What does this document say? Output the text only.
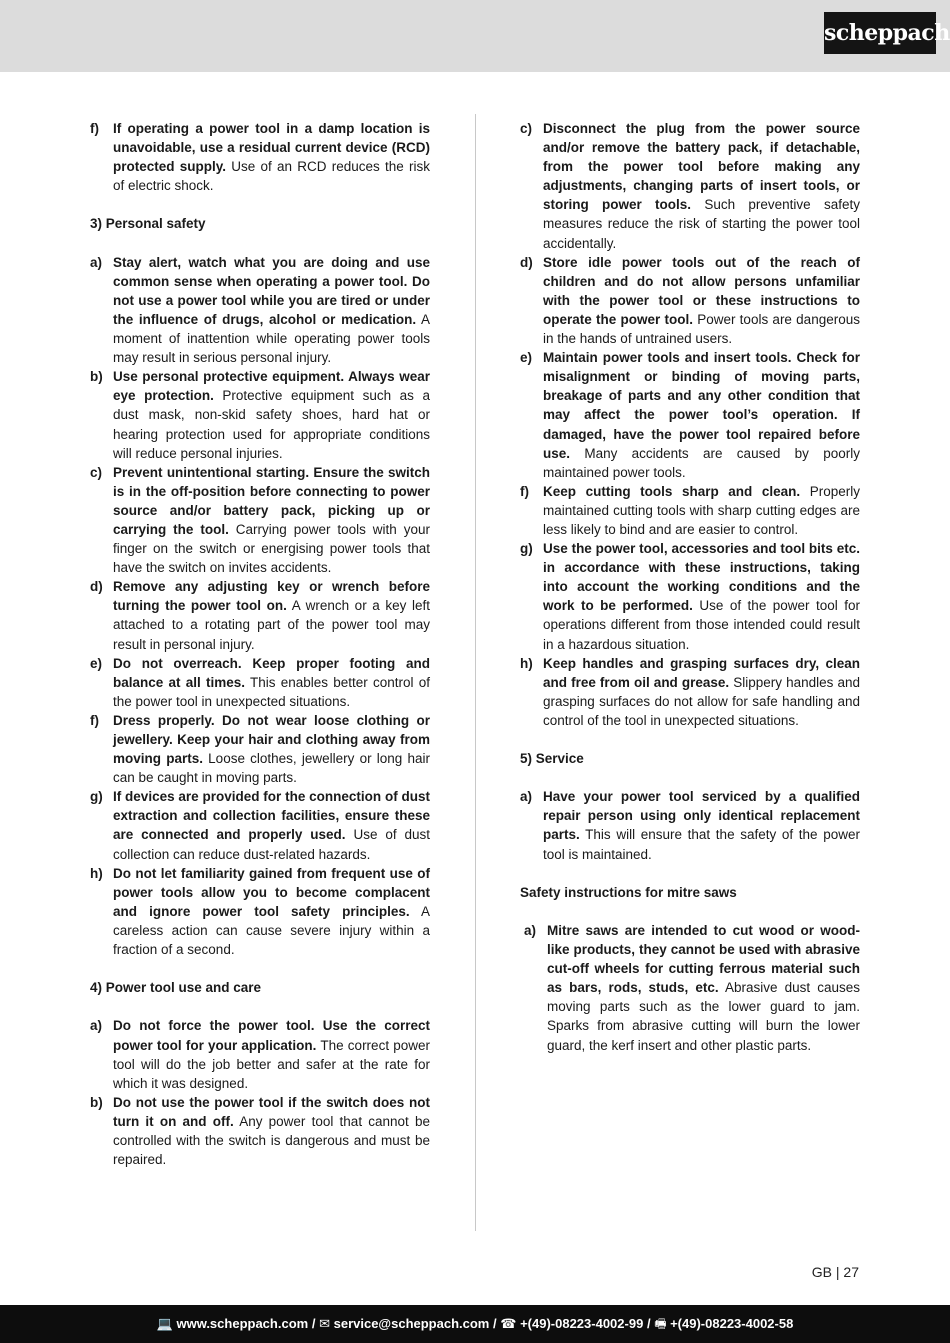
scheppach
f)	If operating a power tool in a damp location is unavoidable, use a residual current device (RCD) protected supply. Use of an RCD reduces the risk of electric shock.

3) Personal safety

a) Stay alert, watch what you are doing and use common sense when operating a power tool. Do not use a power tool while you are tired or under the influence of drugs, alcohol or medication. A moment of inattention while operating power tools may result in serious personal injury.
b) Use personal protective equipment. Always wear eye protection. Protective equipment such as a dust mask, non-skid safety shoes, hard hat or hearing protection used for appropriate conditions will reduce personal injuries.
c) Prevent unintentional starting. Ensure the switch is in the off-position before connecting to power source and/or battery pack, picking up or carrying the tool. Carrying power tools with your finger on the switch or energising power tools that have the switch on invites accidents.
d) Remove any adjusting key or wrench before turning the power tool on. A wrench or a key left attached to a rotating part of the power tool may result in personal injury.
e) Do not overreach. Keep proper footing and balance at all times. This enables better control of the power tool in unexpected situations.
f)	Dress properly. Do not wear loose clothing or jewellery. Keep your hair and clothing away from moving parts. Loose clothes, jewellery or long hair can be caught in moving parts.
g) If devices are provided for the connection of dust extraction and collection facilities, ensure these are connected and properly used. Use of dust collection can reduce dust-related hazards.
h) Do not let familiarity gained from frequent use of power tools allow you to become complacent and ignore power tool safety principles. A careless action can cause severe injury within a fraction of a second.

4) Power tool use and care

a) Do not force the power tool. Use the correct power tool for your application. The correct power tool will do the job better and safer at the rate for which it was designed.
b) Do not use the power tool if the switch does not turn it on and off. Any power tool that cannot be controlled with the switch is dangerous and must be repaired.
c) Disconnect the plug from the power source and/or remove the battery pack, if detachable, from the power tool before making any adjustments, changing parts of insert tools, or storing power tools. Such preventive safety measures reduce the risk of starting the power tool accidentally.
d) Store idle power tools out of the reach of children and do not allow persons unfamiliar with the power tool or these instructions to operate the power tool. Power tools are dangerous in the hands of untrained users.
e) Maintain power tools and insert tools. Check for misalignment or binding of moving parts, breakage of parts and any other condition that may affect the power tool’s operation. If damaged, have the power tool repaired before use. Many accidents are caused by poorly maintained power tools.
f)	Keep cutting tools sharp and clean. Properly maintained cutting tools with sharp cutting edges are less likely to bind and are easier to control.
g) Use the power tool, accessories and tool bits etc. in accordance with these instructions, taking into account the working conditions and the work to be performed. Use of the power tool for operations different from those intended could result in a hazardous situation.
h) Keep handles and grasping surfaces dry, clean and free from oil and grease. Slippery handles and grasping surfaces do not allow for safe handling and control of the tool in unexpected situations.

5) Service

a) Have your power tool serviced by a qualified repair person using only identical replacement parts. This will ensure that the safety of the power tool is maintained.

Safety instructions for mitre saws

a) Mitre saws are intended to cut wood or wood-like products, they cannot be used with abrasive cut-off wheels for cutting ferrous material such as bars, rods, studs, etc. Abrasive dust causes moving parts such as the lower guard to jam. Sparks from abrasive cutting will burn the lower guard, the kerf insert and other plastic parts.
GB | 27
💻 www.scheppach.com / ✉ service@scheppach.com / ☎ +(49)-08223-4002-99 / 🖷 +(49)-08223-4002-58
